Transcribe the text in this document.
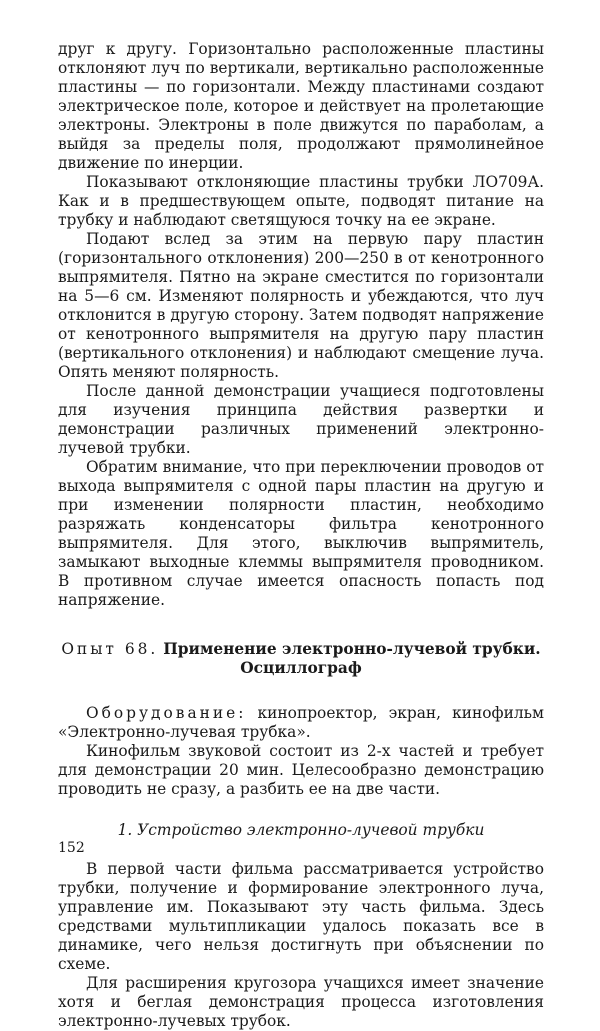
друг к другу. Горизонтально расположенные пластины отклоняют луч по вертикали, вертикально расположенные пластины — по горизонтали. Между пластинами создают электрическое поле, которое и действует на пролетающие электроны. Электроны в поле движутся по параболам, а выйдя за пределы поля, продолжают прямолинейное движение по инерции.

Показывают отклоняющие пластины трубки ЛО709А. Как и в предшествующем опыте, подводят питание на трубку и наблюдают светящуюся точку на ее экране.

Подают вслед за этим на первую пару пластин (горизонтального отклонения) 200—250 в от кенотронного выпрямителя. Пятно на экране сместится по горизонтали на 5—6 см. Изменяют полярность и убеждаются, что луч отклонится в другую сторону. Затем подводят напряжение от кенотронного выпрямителя на другую пару пластин (вертикального отклонения) и наблюдают смещение луча. Опять меняют полярность.

После данной демонстрации учащиеся подготовлены для изучения принципа действия развертки и демонстрации различных применений электронно-лучевой трубки.

Обратим внимание, что при переключении проводов от выхода выпрямителя с одной пары пластин на другую и при изменении полярности пластин, необходимо разряжать конденсаторы фильтра кенотронного выпрямителя. Для этого, выключив выпрямитель, замыкают выходные клеммы выпрямителя проводником. В противном случае имеется опасность попасть под напряжение.

Опыт 68. Применение электронно-лучевой трубки.
Осциллограф

Оборудование: кинопроектор, экран, кинофильм «Электронно-лучевая трубка».

Кинофильм звуковой состоит из 2-х частей и требует для демонстрации 20 мин. Целесообразно демонстрацию проводить не сразу, а разбить ее на две части.

1. Устройство электронно-лучевой трубки

В первой части фильма рассматривается устройство трубки, получение и формирование электронного луча, управление им. Показывают эту часть фильма. Здесь средствами мультипликации удалось показать все в динамике, чего нельзя достигнуть при объяснении по схеме.

Для расширения кругозора учащихся имеет значение хотя и беглая демонстрация процесса изготовления электронно-лучевых трубок.

152
